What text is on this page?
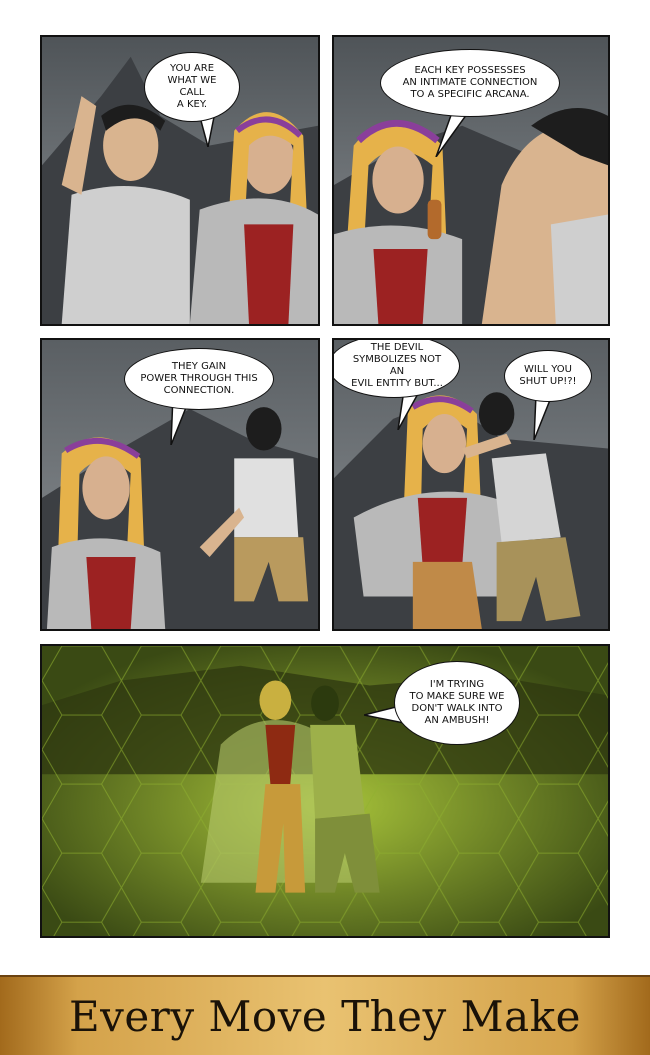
YOU ARE
WHAT WE CALL
A KEY.
EACH KEY POSSESSES
AN INTIMATE CONNECTION
TO A SPECIFIC ARCANA.
THEY GAIN
POWER THROUGH THIS
CONNECTION.
THE DEVIL
SYMBOLIZES NOT AN
EVIL ENTITY BUT...
WILL YOU
SHUT UP!?!
I'M TRYING
TO MAKE SURE WE
DON'T WALK INTO
AN AMBUSH!
Every Move They Make
